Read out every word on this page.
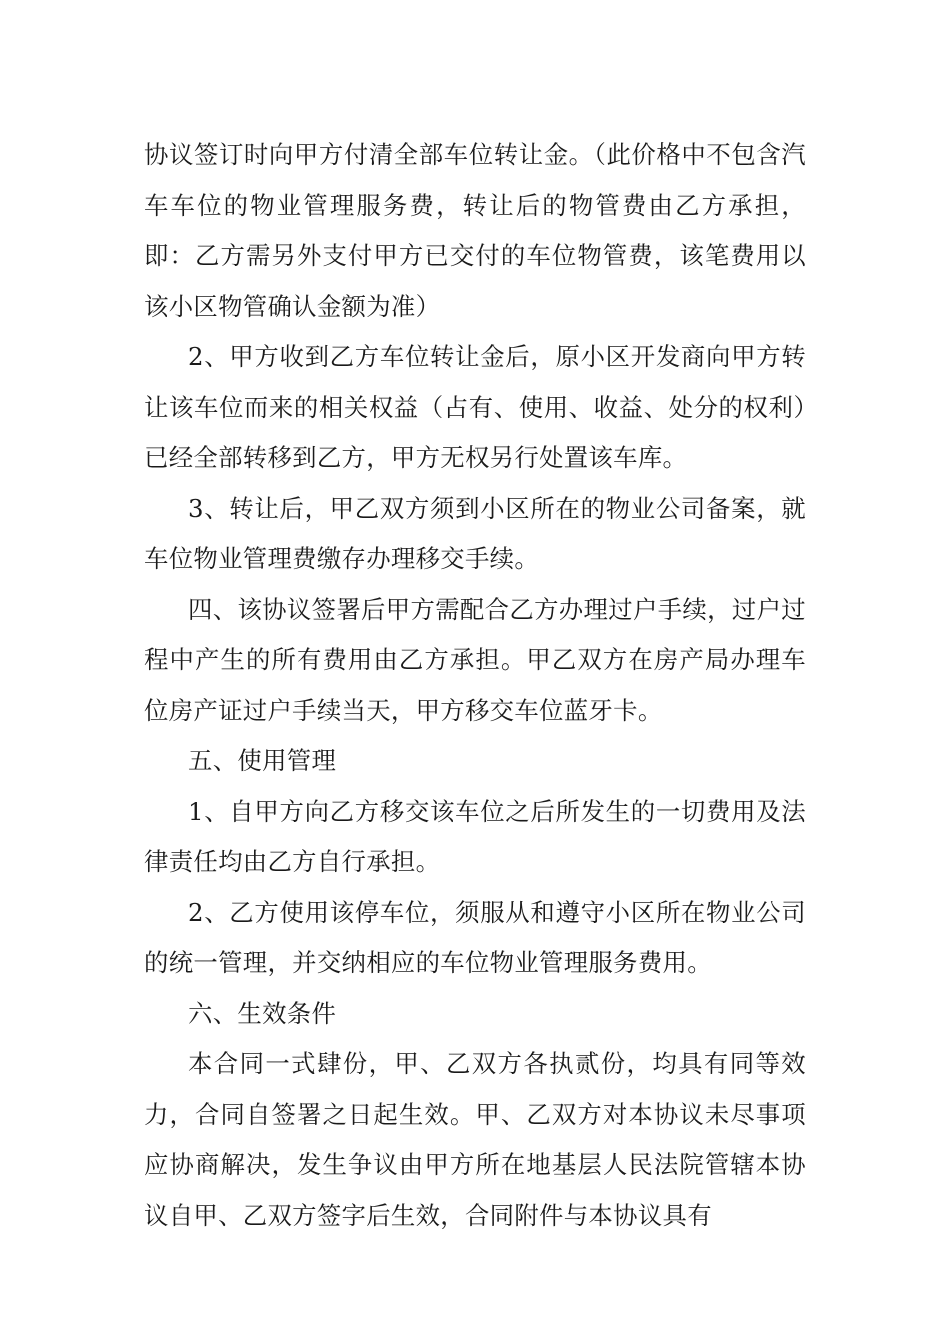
协议签订时向甲方付清全部车位转让金。（此价格中不包含汽车车位的物业管理服务费，转让后的物管费由乙方承担，即：乙方需另外支付甲方已交付的车位物管费，该笔费用以该小区物管确认金额为准）

2、甲方收到乙方车位转让金后，原小区开发商向甲方转让该车位而来的相关权益（占有、使用、收益、处分的权利）已经全部转移到乙方，甲方无权另行处置该车库。

3、转让后，甲乙双方须到小区所在的物业公司备案，就车位物业管理费缴存办理移交手续。

四、该协议签署后甲方需配合乙方办理过户手续，过户过程中产生的所有费用由乙方承担。甲乙双方在房产局办理车位房产证过户手续当天，甲方移交车位蓝牙卡。

五、使用管理

1、自甲方向乙方移交该车位之后所发生的一切费用及法律责任均由乙方自行承担。

2、乙方使用该停车位，须服从和遵守小区所在物业公司的统一管理，并交纳相应的车位物业管理服务费用。

六、生效条件

本合同一式肆份，甲、乙双方各执贰份，均具有同等效力，合同自签署之日起生效。甲、乙双方对本协议未尽事项应协商解决，发生争议由甲方所在地基层人民法院管辖本协议自甲、乙双方签字后生效，合同附件与本协议具有
